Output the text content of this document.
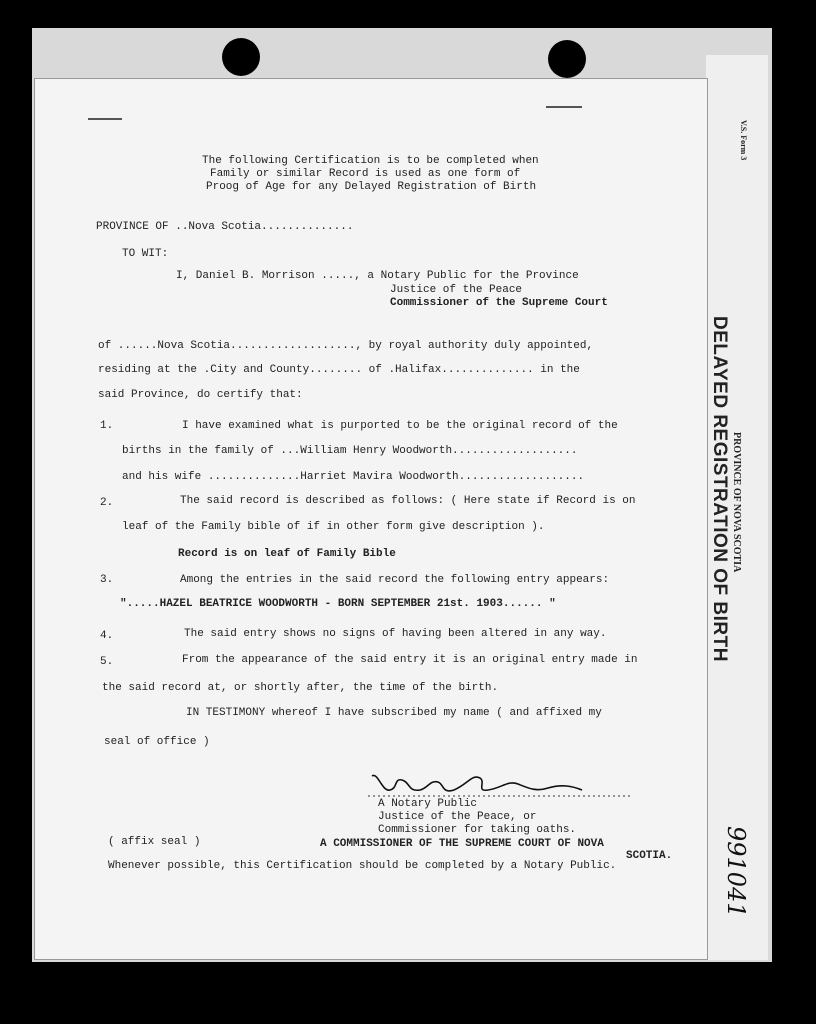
V.S. Form 3
PROVINCE OF NOVA SCOTIA
DELAYED REGISTRATION OF BIRTH
991041
The following Certification is to be completed when
Family or similar Record is used as one form of
Proog of Age for any Delayed Registration of Birth
PROVINCE OF ..Nova Scotia..............
TO WIT:
I, Daniel B. Morrison ....., a Notary Public for the Province
Justice of the Peace
Commissioner of the Supreme Court
of ......Nova Scotia..................., by royal authority duly appointed,
residing at the .City and County........ of .Halifax.............. in the
said Province, do certify that:
1.	I have examined what is purported to be the original record of the
births in the family of ...William Henry Woodworth...................
and his wife ..............Harriet Mavira Woodworth...................
2.	The said record is described as follows: ( Here state if Record is on
leaf of the Family bible of if in other form give description ).
Record is on leaf of Family Bible
3.	Among the entries in the said record the following entry appears:
".....HAZEL BEATRICE WOODWORTH - BORN SEPTEMBER 21st. 1903...... "
4.	The said entry shows no signs of having been altered in any way.
5.	From the appearance of the said entry it is an original entry made in
the said record at, or shortly after, the time of the birth.
IN TESTIMONY whereof I have subscribed my name ( and affixed my
seal of office )
A Notary Public
Justice of the Peace, or
Commissioner for taking oaths.
( affix seal )	A COMMISSIONER OF THE SUPREME COURT OF NOVA
SCOTIA.
Whenever possible, this Certification should be completed by a Notary Public.
